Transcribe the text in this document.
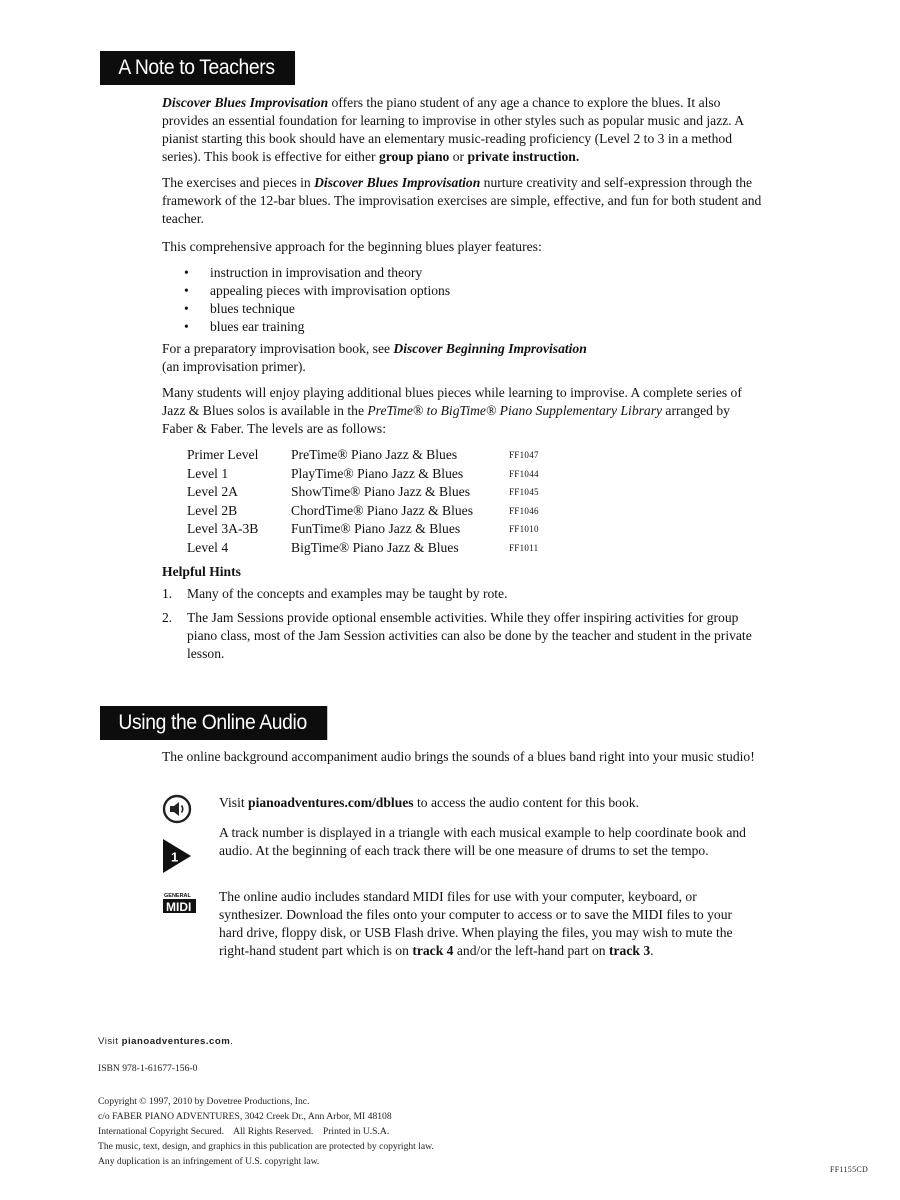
A Note to Teachers

Discover Blues Improvisation offers the piano student of any age a chance to explore the blues. It also provides an essential foundation for learning to improvise in other styles such as popular music and jazz. A pianist starting this book should have an elementary music-reading proficiency (Level 2 to 3 in a method series). This book is effective for either group piano or private instruction.

The exercises and pieces in Discover Blues Improvisation nurture creativity and self-expression through the framework of the 12-bar blues. The improvisation exercises are simple, effective, and fun for both student and teacher.

This comprehensive approach for the beginning blues player features:

• instruction in improvisation and theory
• appealing pieces with improvisation options
• blues technique
• blues ear training

For a preparatory improvisation book, see Discover Beginning Improvisation
(an improvisation primer).

Many students will enjoy playing additional blues pieces while learning to improvise. A complete series of Jazz & Blues solos is available in the PreTime® to BigTime® Piano Supplementary Library arranged by Faber & Faber. The levels are as follows:

Primer Level	PreTime® Piano Jazz & Blues	FF1047
Level 1	PlayTime® Piano Jazz & Blues	FF1044
Level 2A	ShowTime® Piano Jazz & Blues	FF1045
Level 2B	ChordTime® Piano Jazz & Blues	FF1046
Level 3A-3B	FunTime® Piano Jazz & Blues	FF1010
Level 4	BigTime® Piano Jazz & Blues	FF1011
Helpful Hints
1. Many of the concepts and examples may be taught by rote.
2. The Jam Sessions provide optional ensemble activities. While they offer inspiring activities for group piano class, most of the Jam Session activities can also be done by the teacher and student in the private lesson.
Using the Online Audio

The online background accompaniment audio brings the sounds of a blues band right into your music studio!

Visit pianoadventures.com/dblues to access the audio content for this book.
1
A track number is displayed in a triangle with each musical example to help coordinate book and audio. At the beginning of each track there will be one measure of drums to set the tempo.
GENERAL
MIDI
The online audio includes standard MIDI files for use with your computer, keyboard, or synthesizer. Download the files onto your computer to access or to save the MIDI files to your hard drive, floppy disk, or USB Flash drive. When playing the files, you may wish to mute the right-hand student part which is on track 4 and/or the left-hand part on track 3.
Visit pianoadventures.com.
ISBN 978-1-61677-156-0
Copyright © 1997, 2010 by Dovetree Productions, Inc.
c/o FABER PIANO ADVENTURES, 3042 Creek Dr., Ann Arbor, MI 48108
International Copyright Secured.    All Rights Reserved.    Printed in U.S.A.
The music, text, design, and graphics in this publication are protected by copyright law.
Any duplication is an infringement of U.S. copyright law.
FF1155CD
